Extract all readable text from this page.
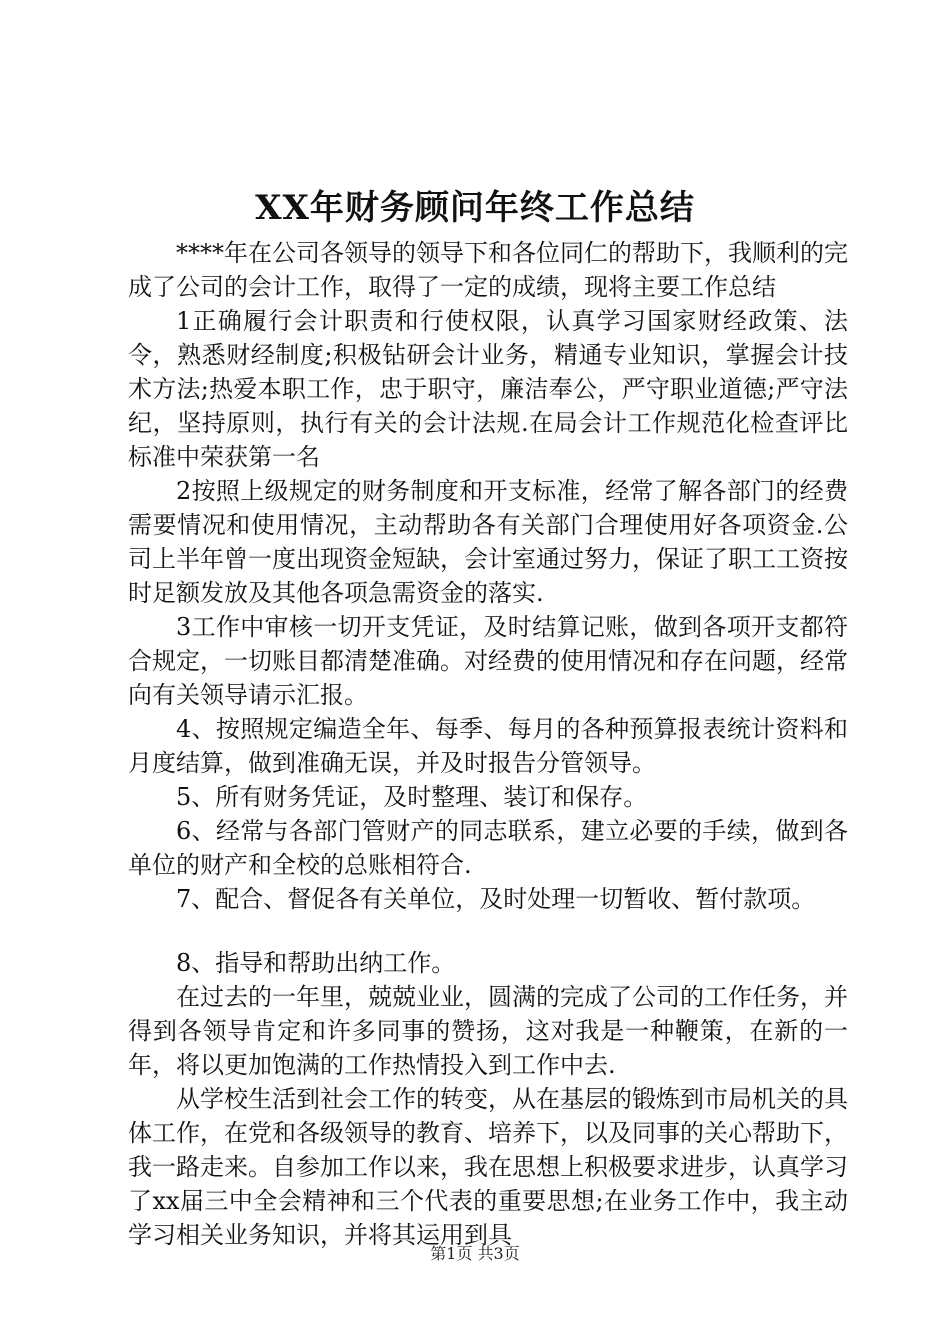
XX年财务顾问年终工作总结

****年在公司各领导的领导下和各位同仁的帮助下，我顺利的完成了公司的会计工作，取得了一定的成绩，现将主要工作总结

1正确履行会计职责和行使权限，认真学习国家财经政策、法令，熟悉财经制度;积极钻研会计业务，精通专业知识，掌握会计技术方法;热爱本职工作，忠于职守，廉洁奉公，严守职业道德;严守法纪，坚持原则，执行有关的会计法规.在局会计工作规范化检查评比标准中荣获第一名

2按照上级规定的财务制度和开支标准，经常了解各部门的经费需要情况和使用情况，主动帮助各有关部门合理使用好各项资金.公司上半年曾一度出现资金短缺，会计室通过努力，保证了职工工资按时足额发放及其他各项急需资金的落实.

3工作中审核一切开支凭证，及时结算记账，做到各项开支都符合规定，一切账目都清楚准确。对经费的使用情况和存在问题，经常向有关领导请示汇报。

4、按照规定编造全年、每季、每月的各种预算报表统计资料和月度结算，做到准确无误，并及时报告分管领导。

5、所有财务凭证，及时整理、装订和保存。

6、经常与各部门管财产的同志联系，建立必要的手续，做到各单位的财产和全校的总账相符合.

7、配合、督促各有关单位，及时处理一切暂收、暂付款项。

8、指导和帮助出纳工作。

在过去的一年里，兢兢业业，圆满的完成了公司的工作任务，并得到各领导肯定和许多同事的赞扬，这对我是一种鞭策，在新的一年，将以更加饱满的工作热情投入到工作中去.

从学校生活到社会工作的转变，从在基层的锻炼到市局机关的具体工作，在党和各级领导的教育、培养下，以及同事的关心帮助下，我一路走来。自参加工作以来，我在思想上积极要求进步，认真学习了xx届三中全会精神和三个代表的重要思想;在业务工作中，我主动学习相关业务知识，并将其运用到具

第1页 共3页
